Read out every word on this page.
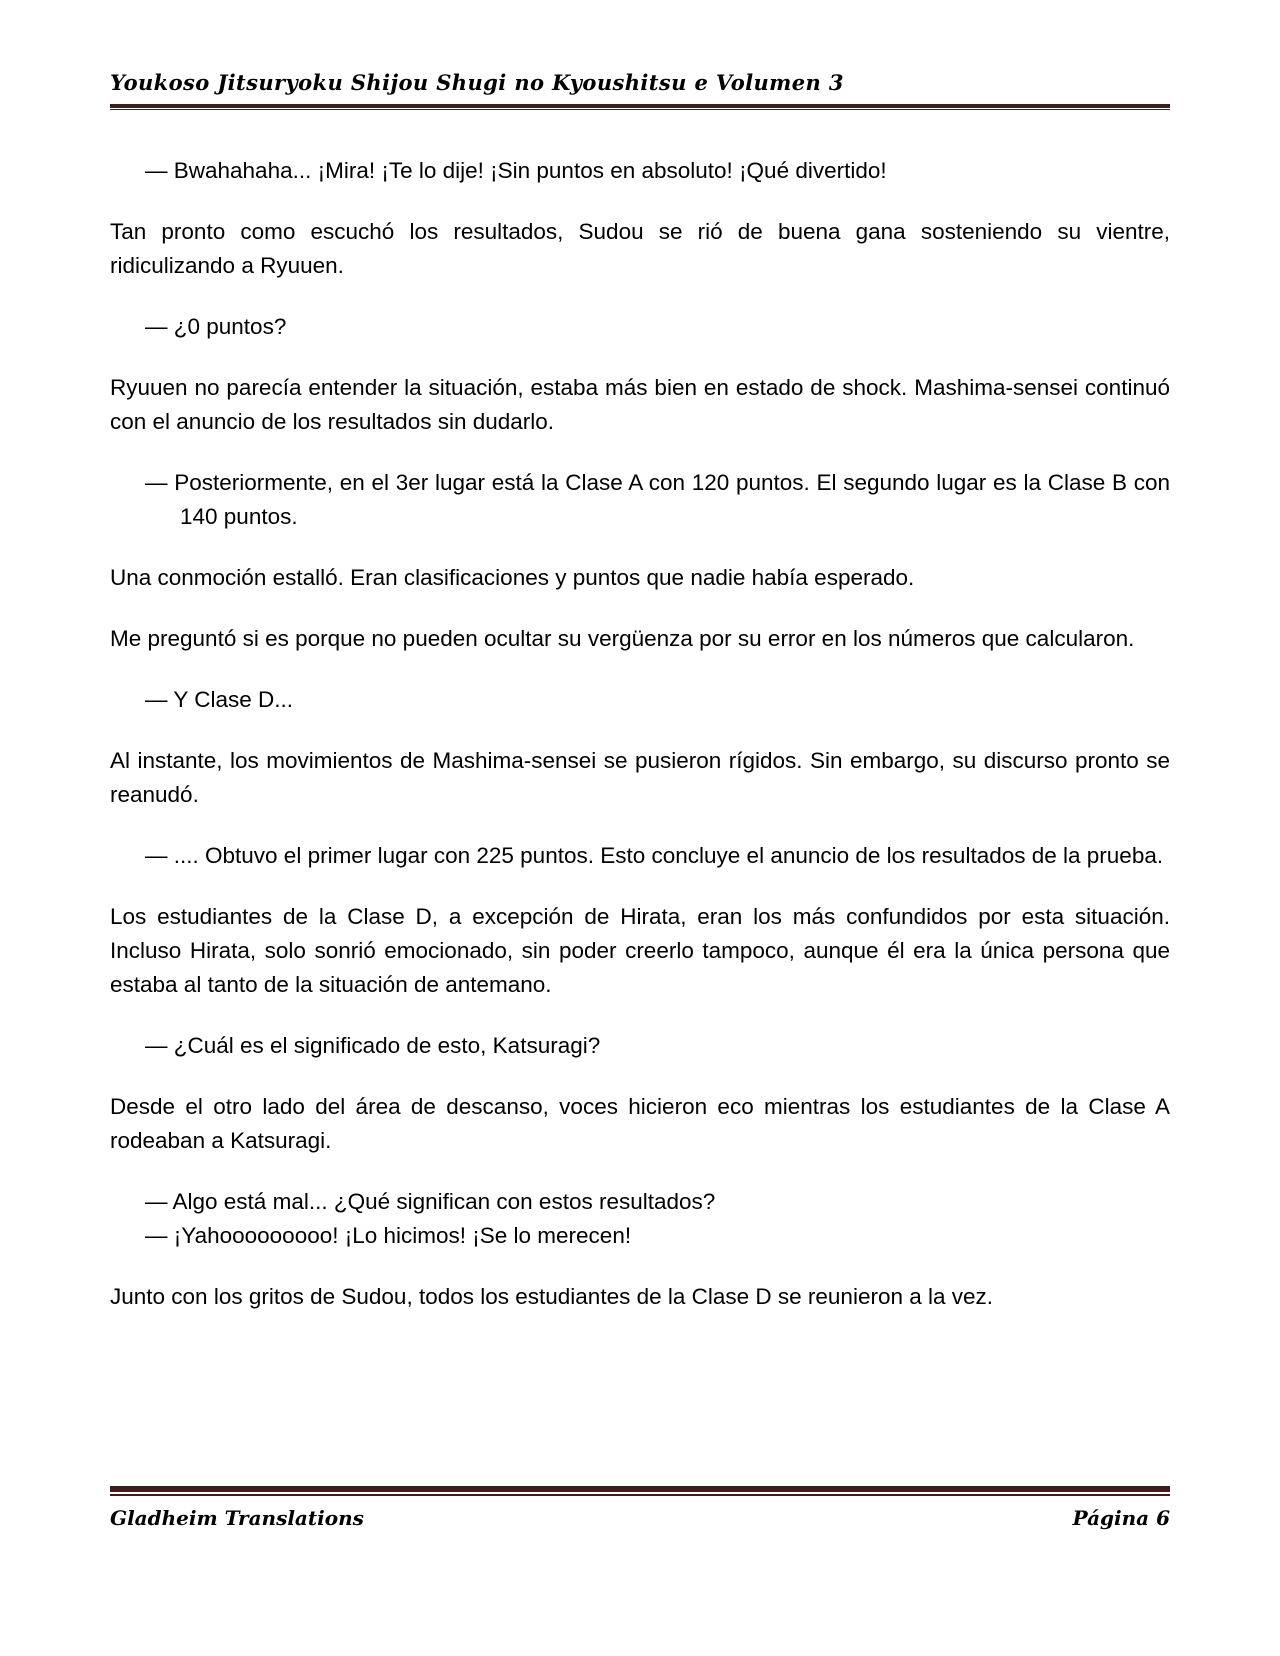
Youkoso Jitsuryoku Shijou Shugi no Kyoushitsu e Volumen 3

— Bwahahaha... ¡Mira! ¡Te lo dije! ¡Sin puntos en absoluto! ¡Qué divertido!

Tan pronto como escuchó los resultados, Sudou se rió de buena gana sosteniendo su vientre, ridiculizando a Ryuuen.

— ¿0 puntos?

Ryuuen no parecía entender la situación, estaba más bien en estado de shock. Mashima-sensei continuó con el anuncio de los resultados sin dudarlo.

— Posteriormente, en el 3er lugar está la Clase A con 120 puntos. El segundo lugar es la Clase B con 140 puntos.

Una conmoción estalló. Eran clasificaciones y puntos que nadie había esperado.

Me preguntó si es porque no pueden ocultar su vergüenza por su error en los números que calcularon.

— Y Clase D...

Al instante, los movimientos de Mashima-sensei se pusieron rígidos. Sin embargo, su discurso pronto se reanudó.

— .... Obtuvo el primer lugar con 225 puntos. Esto concluye el anuncio de los resultados de la prueba.

Los estudiantes de la Clase D, a excepción de Hirata, eran los más confundidos por esta situación. Incluso Hirata, solo sonrió emocionado, sin poder creerlo tampoco, aunque él era la única persona que estaba al tanto de la situación de antemano.

— ¿Cuál es el significado de esto, Katsuragi?

Desde el otro lado del área de descanso, voces hicieron eco mientras los estudiantes de la Clase A rodeaban a Katsuragi.

— Algo está mal... ¿Qué significan con estos resultados?

— ¡Yahooooooooo! ¡Lo hicimos! ¡Se lo merecen!

Junto con los gritos de Sudou, todos los estudiantes de la Clase D se reunieron a la vez.

Gladheim Translations	Página 6
